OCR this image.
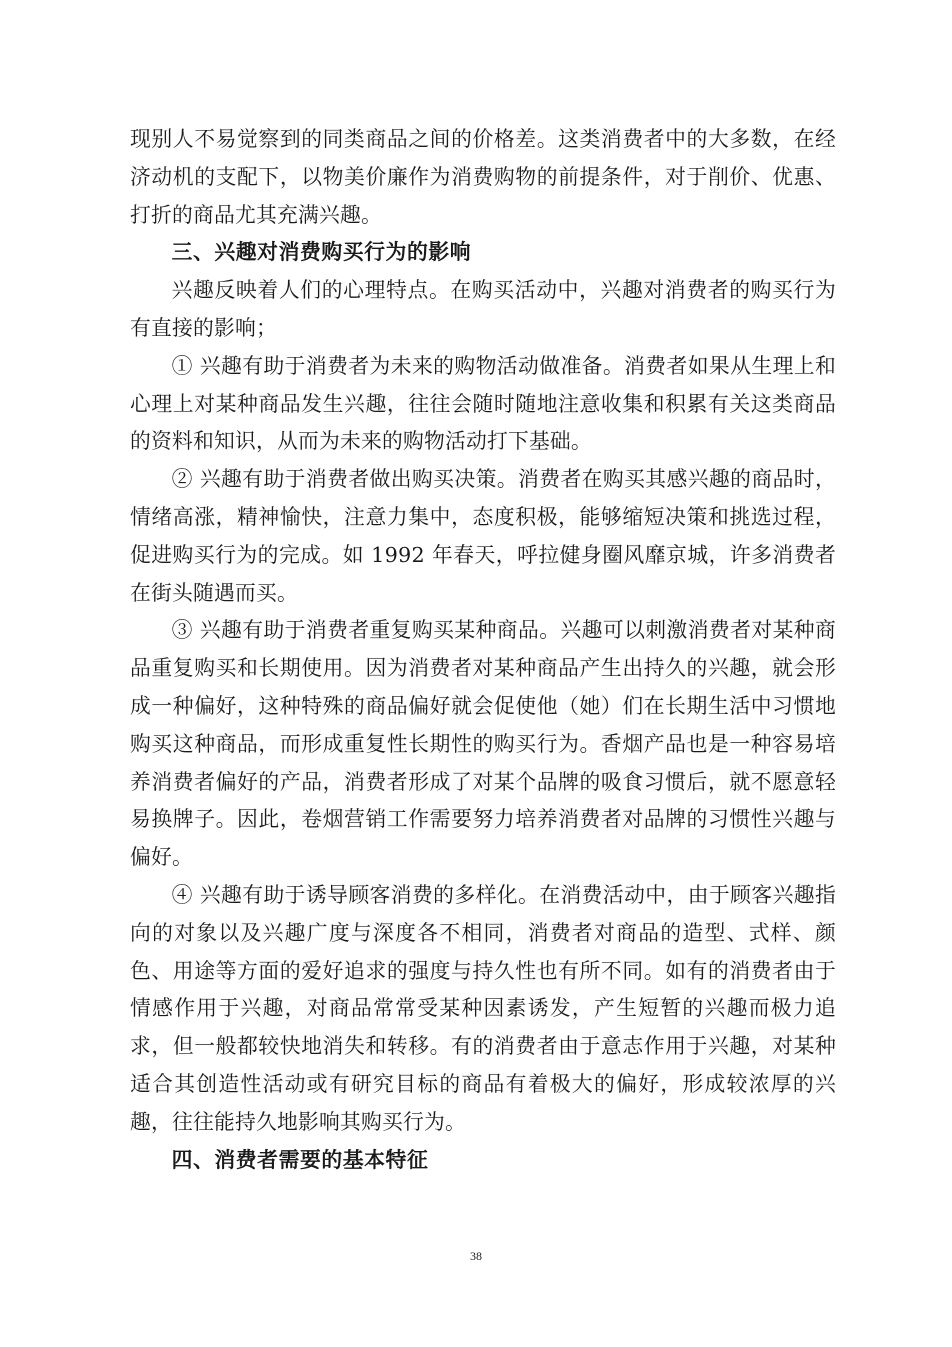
现别人不易觉察到的同类商品之间的价格差。这类消费者中的大多数，在经济动机的支配下，以物美价廉作为消费购物的前提条件，对于削价、优惠、打折的商品尤其充满兴趣。

三、兴趣对消费购买行为的影响

兴趣反映着人们的心理特点。在购买活动中，兴趣对消费者的购买行为有直接的影响；

① 兴趣有助于消费者为未来的购物活动做准备。消费者如果从生理上和心理上对某种商品发生兴趣，往往会随时随地注意收集和积累有关这类商品的资料和知识，从而为未来的购物活动打下基础。

② 兴趣有助于消费者做出购买决策。消费者在购买其感兴趣的商品时，情绪高涨，精神愉快，注意力集中，态度积极，能够缩短决策和挑选过程，促进购买行为的完成。如 1992 年春天，呼拉健身圈风靡京城，许多消费者在街头随遇而买。

③ 兴趣有助于消费者重复购买某种商品。兴趣可以刺激消费者对某种商品重复购买和长期使用。因为消费者对某种商品产生出持久的兴趣，就会形成一种偏好，这种特殊的商品偏好就会促使他（她）们在长期生活中习惯地购买这种商品，而形成重复性长期性的购买行为。香烟产品也是一种容易培养消费者偏好的产品，消费者形成了对某个品牌的吸食习惯后，就不愿意轻易换牌子。因此，卷烟营销工作需要努力培养消费者对品牌的习惯性兴趣与偏好。

④ 兴趣有助于诱导顾客消费的多样化。在消费活动中，由于顾客兴趣指向的对象以及兴趣广度与深度各不相同，消费者对商品的造型、式样、颜色、用途等方面的爱好追求的强度与持久性也有所不同。如有的消费者由于情感作用于兴趣，对商品常常受某种因素诱发，产生短暂的兴趣而极力追求，但一般都较快地消失和转移。有的消费者由于意志作用于兴趣，对某种适合其创造性活动或有研究目标的商品有着极大的偏好，形成较浓厚的兴趣，往往能持久地影响其购买行为。

四、消费者需要的基本特征

38
